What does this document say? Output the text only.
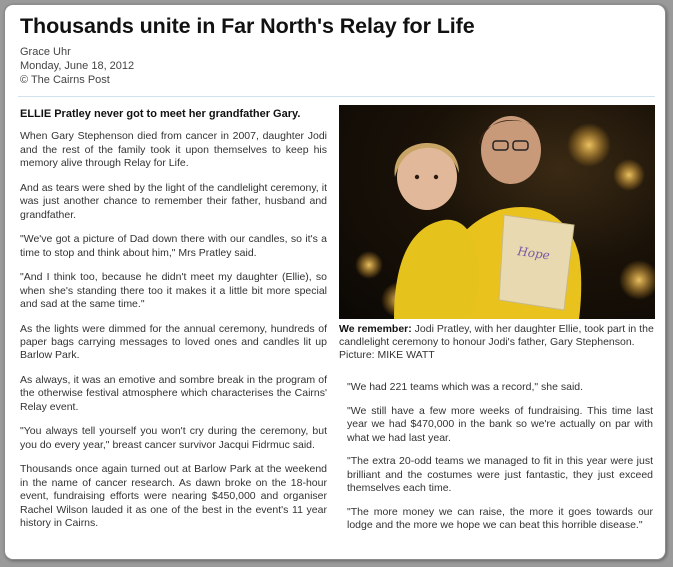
Thousands unite in Far North's Relay for Life
Grace Uhr
Monday, June 18, 2012
© The Cairns Post

ELLIE Pratley never got to meet her grandfather Gary.

When Gary Stephenson died from cancer in 2007, daughter Jodi and the rest of the family took it upon themselves to keep his memory alive through Relay for Life.

And as tears were shed by the light of the candlelight ceremony, it was just another chance to remember their father, husband and grandfather.

"We've got a picture of Dad down there with our candles, so it's a time to stop and think about him," Mrs Pratley said.

"And I think too, because he didn't meet my daughter (Ellie), so when she's standing there too it makes it a little bit more special and sad at the same time."

As the lights were dimmed for the annual ceremony, hundreds of paper bags carrying messages to loved ones and candles lit up Barlow Park.

As always, it was an emotive and sombre break in the program of the otherwise festival atmosphere which characterises the Cairns' Relay event.

"You always tell yourself you won't cry during the ceremony, but you do every year," breast cancer survivor Jacqui Fidrmuc said.

Thousands once again turned out at Barlow Park at the weekend in the name of cancer research. As dawn broke on the 18-hour event, fundraising efforts were nearing $450,000 and organiser Rachel Wilson lauded it as one of the best in the event's 11 year history in Cairns.

Hope
We remember: Jodi Pratley, with her daughter Ellie, took part in the candlelight ceremony to honour Jodi's father, Gary Stephenson. Picture: MIKE WATT

"We had 221 teams which was a record," she said.

"We still have a few more weeks of fundraising. This time last year we had $470,000 in the bank so we're actually on par with what we had last year.

"The extra 20-odd teams we managed to fit in this year were just brilliant and the costumes were just fantastic, they just exceed themselves each time.

"The more money we can raise, the more it goes towards our lodge and the more we hope we can beat this horrible disease."
